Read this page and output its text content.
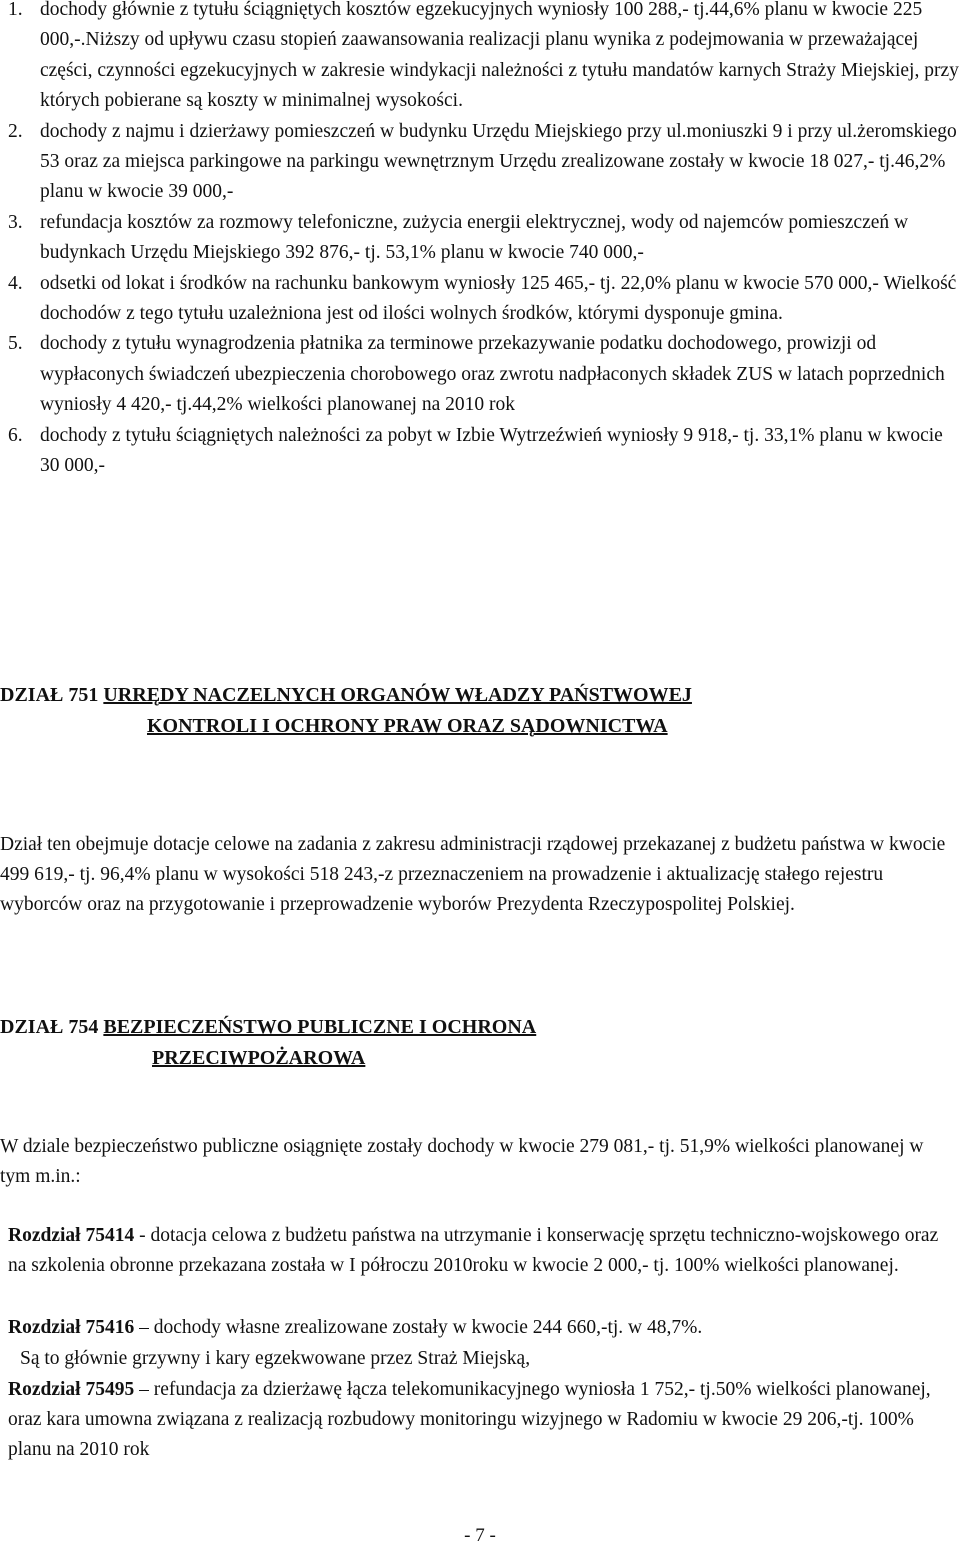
1. dochody głównie z tytułu ściągniętych kosztów egzekucyjnych wyniosły 100 288,- tj.44,6% planu w kwocie 225 000,-.Niższy od upływu czasu stopień zaawansowania realizacji planu wynika z podejmowania w przeważającej części, czynności egzekucyjnych w zakresie windykacji należności z tytułu mandatów karnych Straży Miejskiej, przy których pobierane są koszty w minimalnej wysokości.
2. dochody z najmu i dzierżawy pomieszczeń w budynku Urzędu Miejskiego przy ul.moniuszki 9 i przy ul.żeromskiego 53 oraz za miejsca parkingowe na parkingu wewnętrznym Urzędu zrealizowane zostały w kwocie 18 027,- tj.46,2% planu w kwocie 39 000,-
3. refundacja kosztów za rozmowy telefoniczne, zużycia energii elektrycznej, wody od najemców pomieszczeń w budynkach Urzędu Miejskiego 392 876,- tj. 53,1% planu w kwocie 740 000,-
4. odsetki od lokat i środków na rachunku bankowym wyniosły 125 465,- tj. 22,0% planu w kwocie 570 000,- Wielkość dochodów z tego tytułu uzależniona jest od ilości wolnych środków, którymi dysponuje gmina.
5. dochody z tytułu wynagrodzenia płatnika za terminowe przekazywanie podatku dochodowego, prowizji od wypłaconych świadczeń ubezpieczenia chorobowego oraz zwrotu nadpłaconych składek ZUS w latach poprzednich wyniosły 4 420,- tj.44,2% wielkości planowanej na 2010 rok
6. dochody z tytułu ściągniętych należności za pobyt w Izbie Wytrzeźwień wyniosły 9 918,- tj. 33,1% planu w kwocie 30 000,-
DZIAŁ 751 URRĘDY NACZELNYCH ORGANÓW WŁADZY PAŃSTWOWEJ
KONTROLI I OCHRONY PRAW ORAZ SĄDOWNICTWA

Dział ten obejmuje dotacje celowe na zadania z zakresu administracji rządowej przekazanej z budżetu państwa w kwocie 499 619,- tj. 96,4% planu w wysokości 518 243,-z przeznaczeniem na prowadzenie i aktualizację stałego rejestru wyborców oraz na przygotowanie i przeprowadzenie wyborów Prezydenta Rzeczypospolitej Polskiej.

DZIAŁ 754 BEZPIECZEŃSTWO PUBLICZNE I OCHRONA
PRZECIWPOŻAROWA

W dziale bezpieczeństwo publiczne osiągnięte zostały dochody w kwocie 279 081,- tj. 51,9% wielkości planowanej w tym m.in.:

Rozdział 75414 - dotacja celowa z budżetu państwa na utrzymanie i konserwację sprzętu techniczno-wojskowego oraz na szkolenia obronne przekazana została w I półroczu 2010roku w kwocie 2 000,- tj. 100% wielkości planowanej.

Rozdział 75416 – dochody własne zrealizowane zostały w kwocie 244 660,-tj. w 48,7%.

Są to głównie grzywny i kary egzekwowane przez Straż Miejską,

Rozdział 75495 – refundacja za dzierżawę łącza telekomunikacyjnego wyniosła 1 752,- tj.50% wielkości planowanej, oraz kara umowna związana z realizacją rozbudowy monitoringu wizyjnego w Radomiu w kwocie 29 206,-tj. 100% planu na 2010 rok

- 7 -
